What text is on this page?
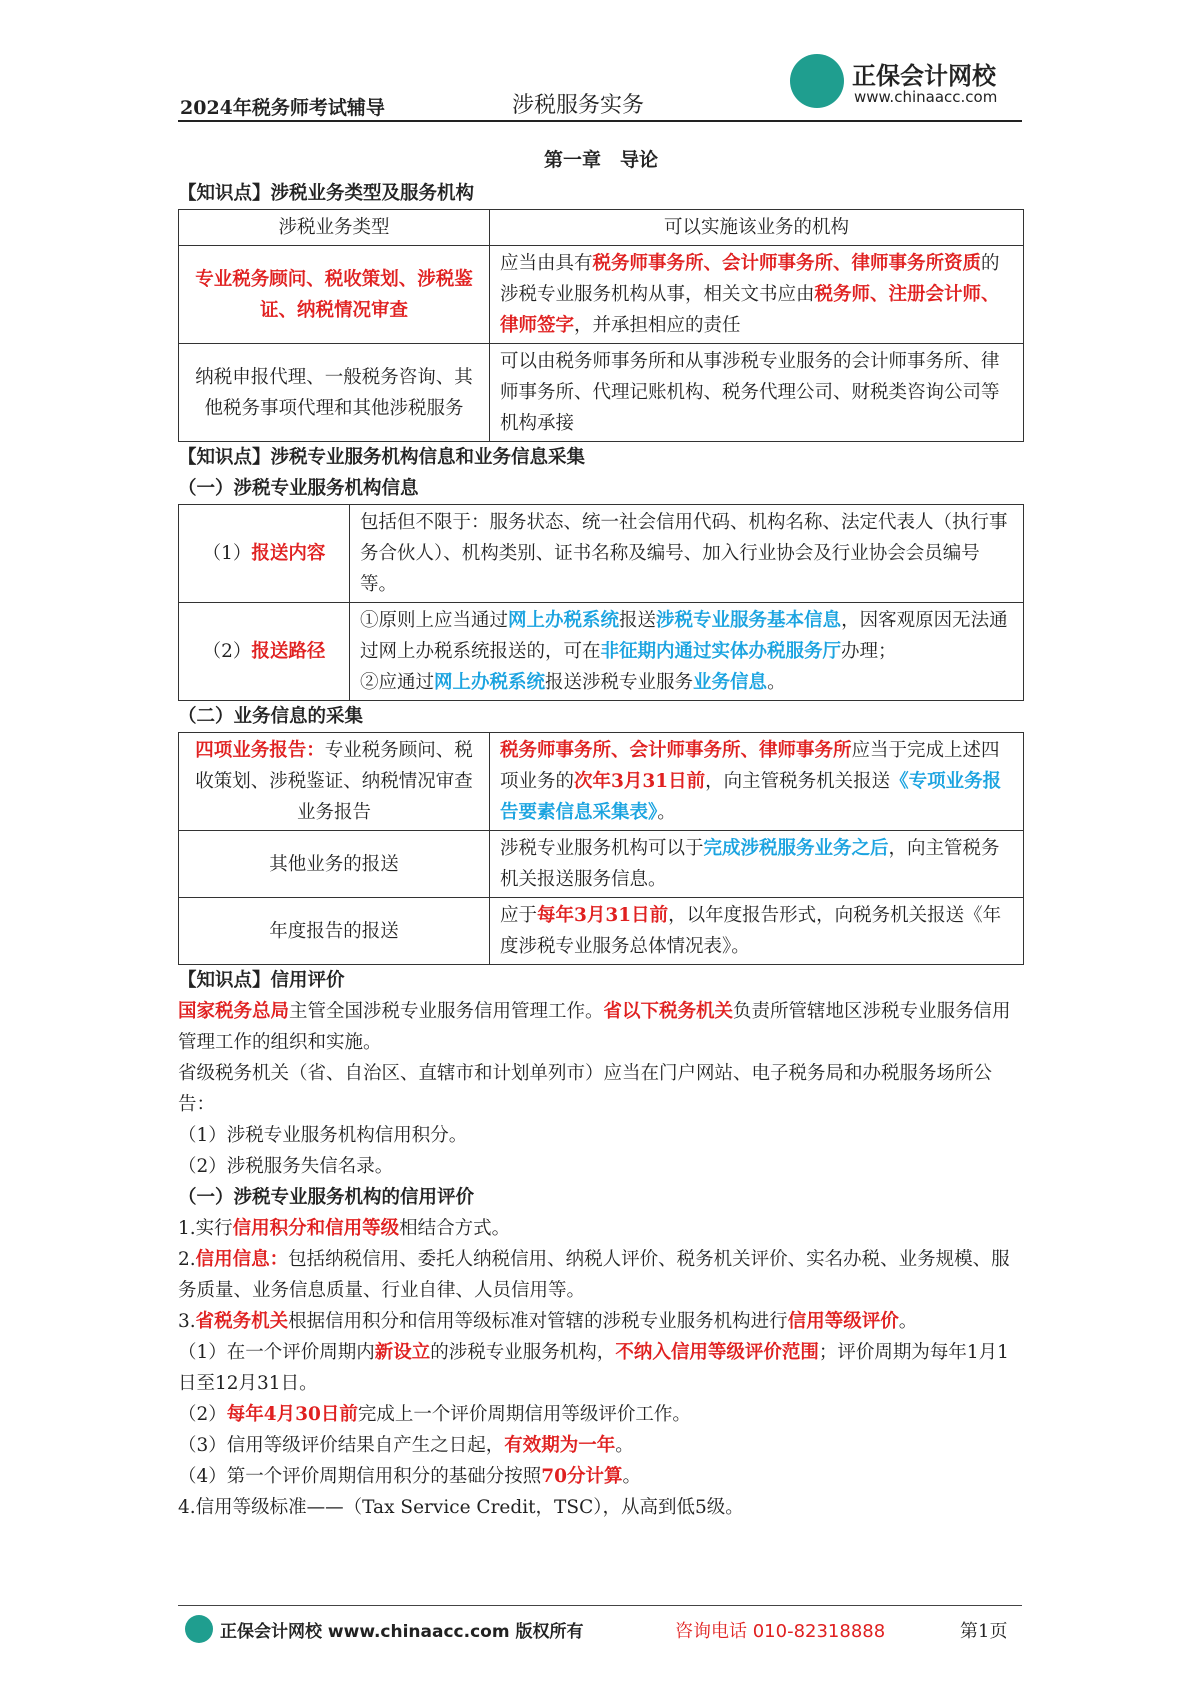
2024年税务师考试辅导	涉税服务实务
正保会计网校
www.chinaacc.com
第一章　导论
【知识点】涉税业务类型及服务机构
涉税业务类型	可以实施该业务的机构
专业税务顾问、税收策划、涉税鉴证、纳税情况审查	应当由具有税务师事务所、会计师事务所、律师事务所资质的涉税专业服务机构从事，相关文书应由税务师、注册会计师、律师签字，并承担相应的责任
纳税申报代理、一般税务咨询、其他税务事项代理和其他涉税服务	可以由税务师事务所和从事涉税专业服务的会计师事务所、律师事务所、代理记账机构、税务代理公司、财税类咨询公司等机构承接
【知识点】涉税专业服务机构信息和业务信息采集
（一）涉税专业服务机构信息
（1）报送内容	包括但不限于：服务状态、统一社会信用代码、机构名称、法定代表人（执行事务合伙人）、机构类别、证书名称及编号、加入行业协会及行业协会会员编号等。
（2）报送路径	①原则上应当通过网上办税系统报送涉税专业服务基本信息，因客观原因无法通过网上办税系统报送的，可在非征期内通过实体办税服务厅办理；

②应通过网上办税系统报送涉税专业服务业务信息。

（二）业务信息的采集
四项业务报告：专业税务顾问、税收策划、涉税鉴证、纳税情况审查业务报告	税务师事务所、会计师事务所、律师事务所应当于完成上述四项业务的次年3月31日前，向主管税务机关报送《专项业务报告要素信息采集表》。
其他业务的报送	涉税专业服务机构可以于完成涉税服务业务之后，向主管税务机关报送服务信息。
年度报告的报送	应于每年3月31日前，以年度报告形式，向税务机关报送《年度涉税专业服务总体情况表》。
【知识点】信用评价

国家税务总局主管全国涉税专业服务信用管理工作。省以下税务机关负责所管辖地区涉税专业服务信用管理工作的组织和实施。

省级税务机关（省、自治区、直辖市和计划单列市）应当在门户网站、电子税务局和办税服务场所公告：

（1）涉税专业服务机构信用积分。

（2）涉税服务失信名录。

（一）涉税专业服务机构的信用评价

1.实行信用积分和信用等级相结合方式。

2.信用信息：包括纳税信用、委托人纳税信用、纳税人评价、税务机关评价、实名办税、业务规模、服务质量、业务信息质量、行业自律、人员信用等。

3.省税务机关根据信用积分和信用等级标准对管辖的涉税专业服务机构进行信用等级评价。

（1）在一个评价周期内新设立的涉税专业服务机构，不纳入信用等级评价范围；评价周期为每年1月1日至12月31日。

（2）每年4月30日前完成上一个评价周期信用等级评价工作。

（3）信用等级评价结果自产生之日起，有效期为一年。

（4）第一个评价周期信用积分的基础分按照70分计算。

4.信用等级标准——（Tax Service Credit，TSC），从高到低5级。

正保会计网校 www.chinaacc.com 版权所有	咨询电话 010-82318888	第1页
